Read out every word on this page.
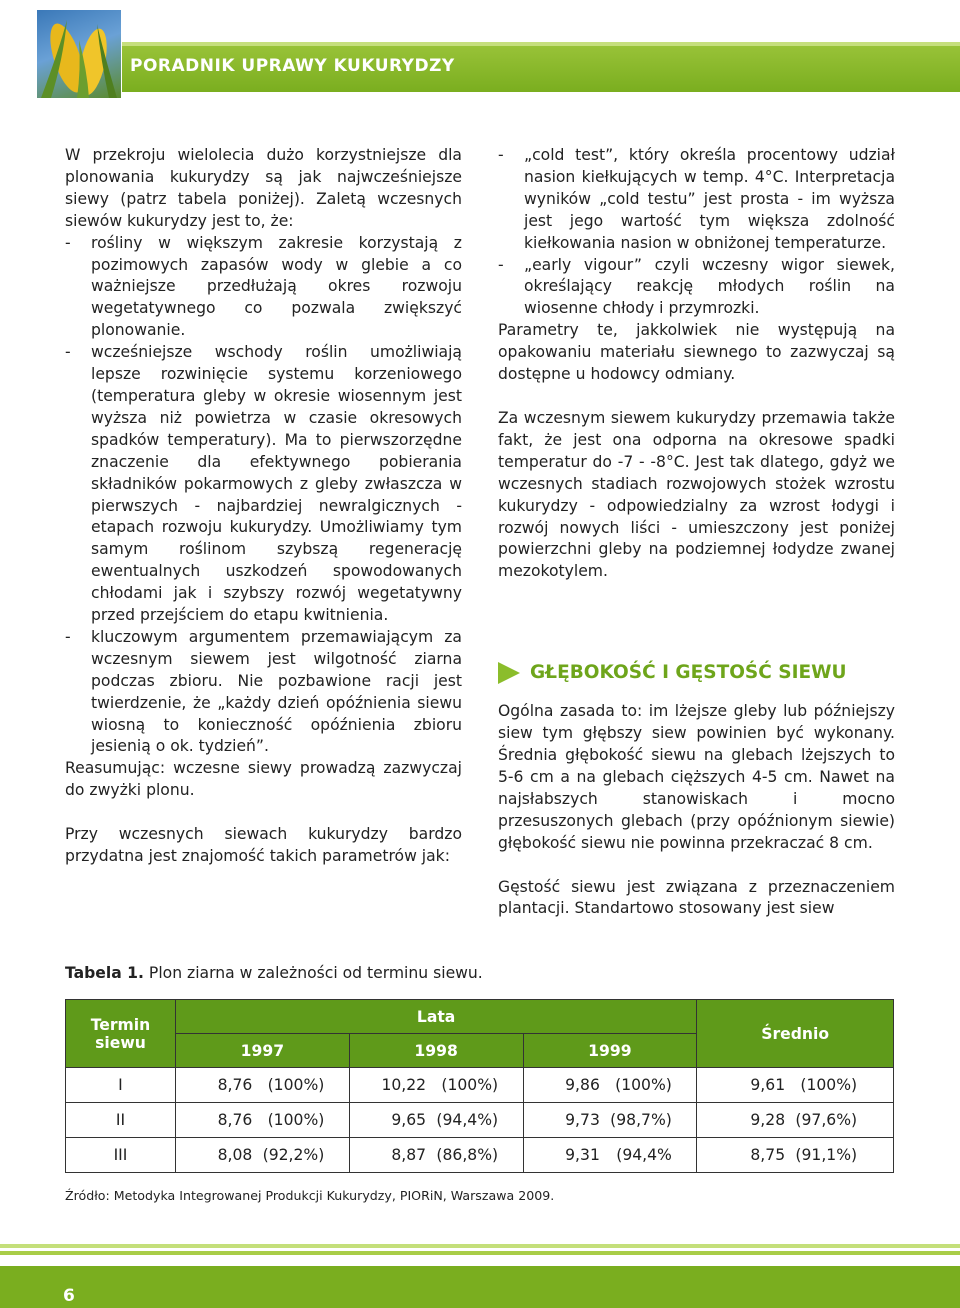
PORADNIK UPRAWY KUKURYDZY

W przekroju wielolecia dużo korzystniejsze dla plonowania kukurydzy są jak najwcześniejsze siewy (patrz tabela poniżej). Zaletą wczesnych siewów kukurydzy jest to, że:

-	rośliny w większym zakresie korzystają z pozimowych zapasów wody w glebie a co ważniejsze przedłużają okres rozwoju wegetatywnego co pozwala zwiększyć plonowanie.
-	wcześniejsze wschody roślin umożliwiają lepsze rozwinięcie systemu korzeniowego (temperatura gleby w okresie wiosennym jest wyższa niż powietrza w czasie okresowych spadków temperatury). Ma to pierwszorzędne znaczenie dla efektywnego pobierania składników pokarmowych z gleby zwłaszcza w pierwszych - najbardziej newralgicznych - etapach rozwoju kukurydzy. Umożliwiamy tym samym roślinom szybszą regenerację ewentualnych uszkodzeń spowodowanych chłodami jak i szybszy rozwój wegetatywny przed przejściem do etapu kwitnienia.
-	kluczowym argumentem przemawiającym za wczesnym siewem jest wilgotność ziarna podczas zbioru. Nie pozbawione racji jest twierdzenie, że „każdy dzień opóźnienia siewu wiosną to konieczność opóźnienia zbioru jesienią o ok. tydzień”.

Reasumując: wczesne siewy prowadzą zazwyczaj do zwyżki plonu.

Przy wczesnych siewach kukurydzy bardzo przydatna jest znajomość takich parametrów jak:

-	„cold test”, który określa procentowy udział nasion kiełkujących w temp. 4°C. Interpretacja wyników „cold testu” jest prosta - im wyższa jest jego wartość tym większa zdolność kiełkowania nasion w obniżonej temperaturze.
-	„early vigour” czyli wczesny wigor siewek, określający reakcję młodych roślin na wiosenne chłody i przymrozki.

Parametry te, jakkolwiek nie występują na opakowaniu materiału siewnego to zazwyczaj są dostępne u hodowcy odmiany.

Za wczesnym siewem kukurydzy przemawia także fakt, że jest ona odporna na okresowe spadki temperatur do -7 - -8°C. Jest tak dlatego, gdyż we wczesnych stadiach rozwojowych stożek wzrostu kukurydzy - odpowiedzialny za wzrost łodygi i rozwój nowych liści - umieszczony jest poniżej powierzchni gleby na podziemnej łodydze zwanej mezokotylem.

GŁĘBOKOŚĆ I GĘSTOŚĆ SIEWU

Ogólna zasada to: im lżejsze gleby lub późniejszy siew tym głębszy siew powinien być wykonany. Średnia głębokość siewu na glebach lżejszych to 5-6 cm a na glebach cięższych 4-5 cm. Nawet na najsłabszych stanowiskach i mocno przesuszonych glebach (przy opóźnionym siewie) głębokość siewu nie powinna przekraczać 8 cm.

Gęstość siewu jest związana z przeznaczeniem plantacji. Standartowo stosowany jest siew

Tabela 1. Plon ziarna w zależności od terminu siewu.
Termin siewu	Lata			Średnio
	1997	1998	1999	
I	8,76 (100%)	10,22 (100%)	9,86 (100%)	9,61 (100%)
II	8,76 (100%)	9,65 (94,4%)	9,73 (98,7%)	9,28 (97,6%)
III	8,08 (92,2%)	8,87 (86,8%)	9,31 (94,4%	8,75 (91,1%)
Źródło: Metodyka Integrowanej Produkcji Kukurydzy, PIORiN, Warszawa 2009.
6
